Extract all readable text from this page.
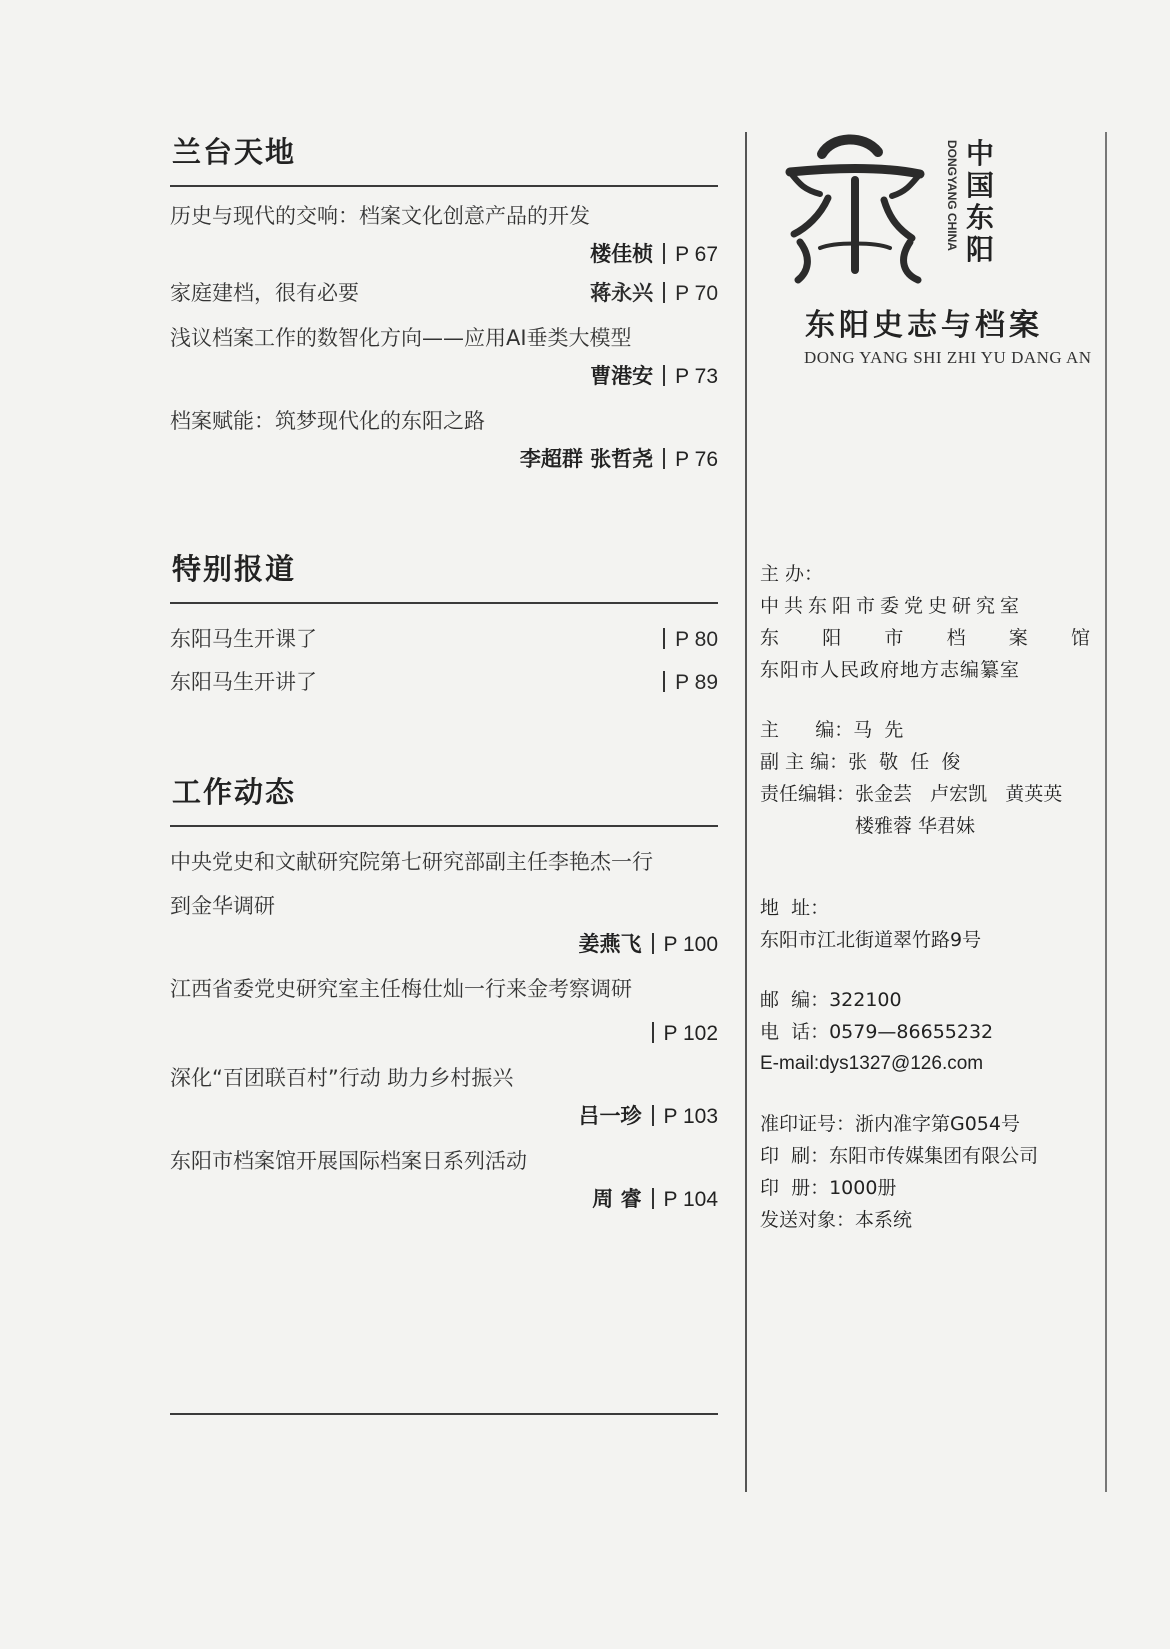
兰台天地
历史与现代的交响：档案文化创意产品的开发
楼佳桢 P 67
家庭建档，很有必要	蒋永兴 P 70
浅议档案工作的数智化方向——应用AI垂类大模型
曹港安 P 73
档案赋能：筑梦现代化的东阳之路
李超群 张哲尧 P 76
特别报道
东阳马生开课了	P 80
东阳马生开讲了	P 89
工作动态
中央党史和文献研究院第七研究部副主任李艳杰一行
到金华调研
姜燕飞 P 100
江西省委党史研究室主任梅仕灿一行来金考察调研
P 102
深化“百团联百村”行动 助力乡村振兴
吕一珍 P 103
东阳市档案馆开展国际档案日系列活动
周 睿 P 104
DONGYANG CHINA 中国东阳
东阳史志与档案
DONG YANG SHI ZHI YU DANG AN
主 办：
中共东阳市委党史研究室
东 阳 市 档 案 馆
东阳市人民政府地方志编纂室
主      编：马  先
副 主 编：张  敬  任  俊
责任编辑：张金芸   卢宏凯   黄英英
楼雅蓉 华君妹
地  址：
东阳市江北街道翠竹路9号
邮  编：322100
电  话：0579—86655232
E-mail:dys1327@126.com
准印证号：浙内准字第G054号
印  刷：东阳市传媒集团有限公司
印  册：1000册
发送对象：本系统
